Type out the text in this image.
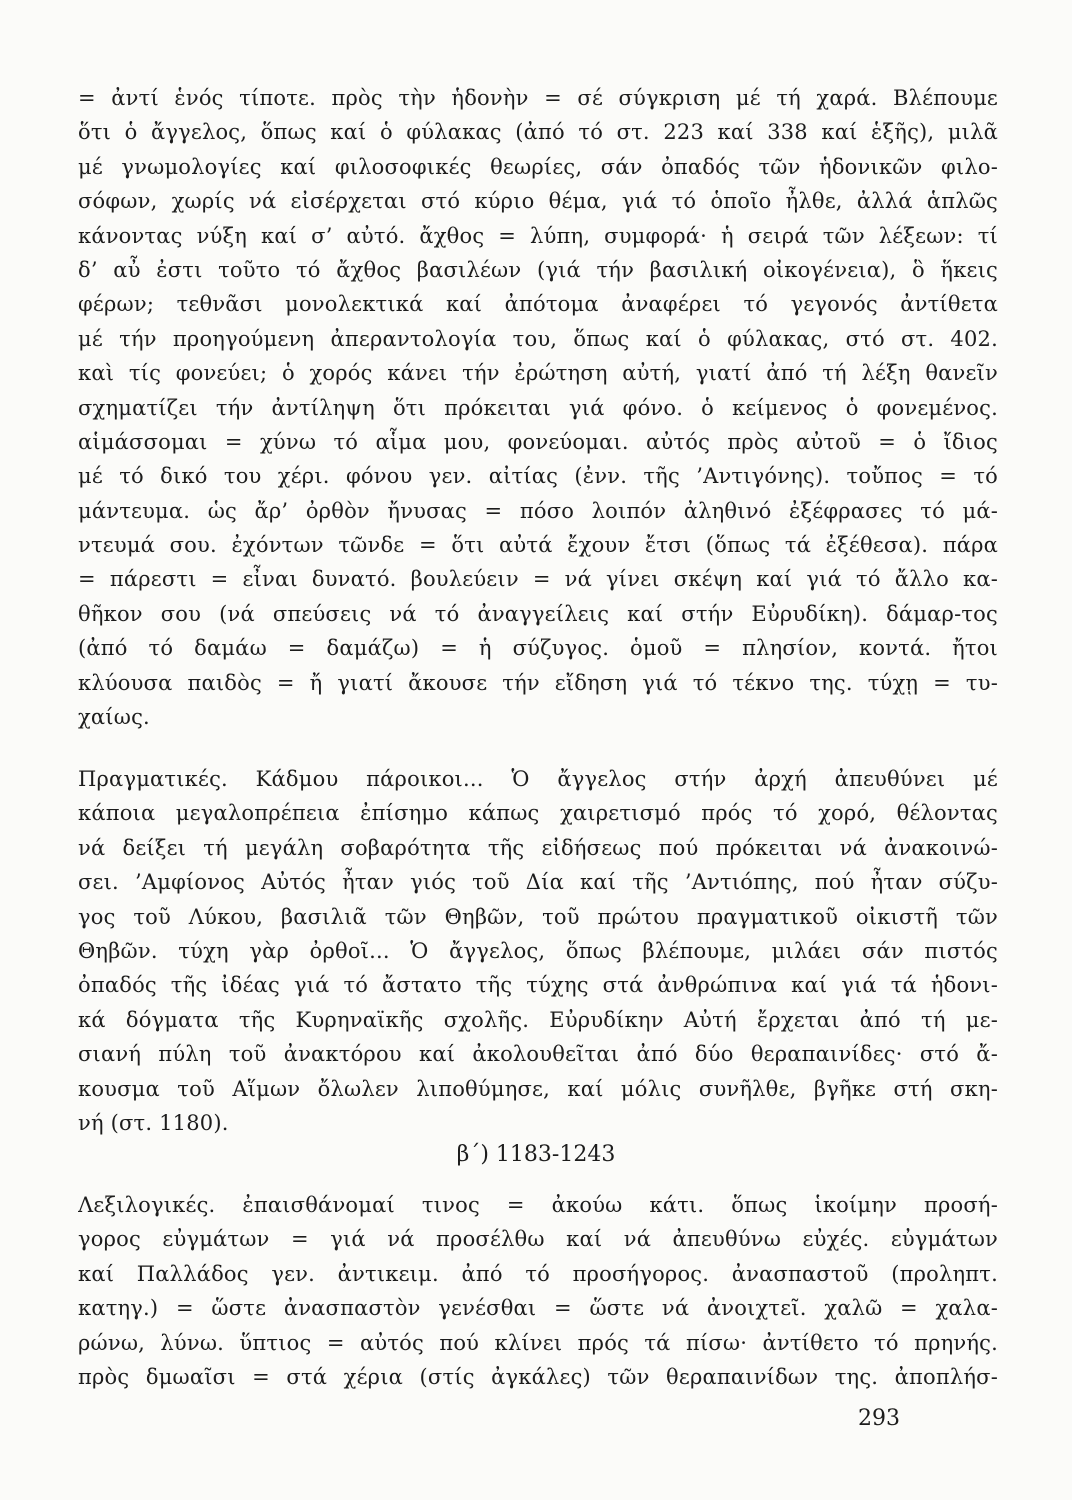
= ἀντί ἑνός τίποτε. πρὸς τὴν ἡδονὴν = σέ σύγκριση μέ τή χαρά. Βλέπουμε
ὅτι ὁ ἄγγελος, ὅπως καί ὁ φύλακας (ἀπό τό στ. 223 καί 338 καί ἑξῆς), μιλᾶ
μέ γνωμολογίες καί φιλοσοφικές θεωρίες, σάν ὀπαδός τῶν ἡδονικῶν φιλο-
σόφων, χωρίς νά εἰσέρχεται στό κύριο θέμα, γιά τό ὁποῖο ἦλθε, ἀλλά ἁπλῶς
κάνοντας νύξη καί σ’ αὐτό. ἄχθος = λύπη, συμφορά· ἡ σειρά τῶν λέξεων: τί
δ’ αὖ ἐστι τοῦτο τό ἄχθος βασιλέων (γιά τήν βασιλική οἰκογένεια), ὃ ἥκεις
φέρων; τεθνᾶσι μονολεκτικά καί ἀπότομα ἀναφέρει τό γεγονός ἀντίθετα
μέ τήν προηγούμενη ἀπεραντολογία του, ὅπως καί ὁ φύλακας, στό στ. 402.
καὶ τίς φονεύει; ὁ χορός κάνει τήν ἐρώτηση αὐτή, γιατί ἀπό τή λέξη θανεῖν
σχηματίζει τήν ἀντίληψη ὅτι πρόκειται γιά φόνο. ὁ κείμενος ὁ φονεμένος.
αἱμάσσομαι = χύνω τό αἷμα μου, φονεύομαι. αὐτός πρὸς αὐτοῦ = ὁ ἴδιος
μέ τό δικό του χέρι. φόνου γεν. αἰτίας (ἐνν. τῆς ’Αντιγόνης). τοὔπος = τό
μάντευμα. ὡς ἄρ’ ὀρθὸν ἤνυσας = πόσο λοιπόν ἀληθινό ἐξέφρασες τό μά-
ντευμά σου. ἐχόντων τῶνδε = ὅτι αὐτά ἔχουν ἔτσι (ὅπως τά ἐξέθεσα). πάρα
= πάρεστι = εἶναι δυνατό. βουλεύειν = νά γίνει σκέψη καί γιά τό ἄλλο κα-
θῆκον σου (νά σπεύσεις νά τό ἀναγγείλεις καί στήν Εὐρυδίκη). δάμαρ-τος
(ἀπό τό δαμάω = δαμάζω) = ἡ σύζυγος. ὁμοῦ = πλησίον, κοντά. ἤτοι
κλύουσα παιδὸς = ἤ γιατί ἄκουσε τήν εἴδηση γιά τό τέκνο της. τύχῃ = τυ-
χαίως.
Πραγματικές. Κάδμου πάροικοι... Ὁ ἄγγελος στήν ἀρχή ἀπευθύνει μέ
κάποια μεγαλοπρέπεια ἐπίσημο κάπως χαιρετισμό πρός τό χορό, θέλοντας
νά δείξει τή μεγάλη σοβαρότητα τῆς εἰδήσεως πού πρόκειται νά ἀνακοινώ-
σει. ’Αμφίονος Αὐτός ἦταν γιός τοῦ Δία καί τῆς ’Αντιόπης, πού ἦταν σύζυ-
γος τοῦ Λύκου, βασιλιᾶ τῶν Θηβῶν, τοῦ πρώτου πραγματικοῦ οἰκιστῆ τῶν
Θηβῶν. τύχη γὰρ ὀρθοῖ... Ὁ ἄγγελος, ὅπως βλέπουμε, μιλάει σάν πιστός
ὀπαδός τῆς ἰδέας γιά τό ἄστατο τῆς τύχης στά ἀνθρώπινα καί γιά τά ἡδονι-
κά δόγματα τῆς Κυρηναϊκῆς σχολῆς. Εὐρυδίκην Αὐτή ἔρχεται ἀπό τή με-
σιανή πύλη τοῦ ἀνακτόρου καί ἀκολουθεῖται ἀπό δύο θεραπαινίδες· στό ἄ-
κουσμα τοῦ Αἵμων ὄλωλεν λιποθύμησε, καί μόλις συνῆλθε, βγῆκε στή σκη-
νή (στ. 1180).
β΄) 1183-1243
Λεξιλογικές. ἐπαισθάνομαί τινος = ἀκούω κάτι. ὅπως ἱκοίμην προσή-
γορος εὐγμάτων = γιά νά προσέλθω καί νά ἀπευθύνω εὐχές. εὐγμάτων
καί Παλλάδος γεν. ἀντικειμ. ἀπό τό προσήγορος. ἀνασπαστοῦ (προληπτ.
κατηγ.) = ὥστε ἀνασπαστὸν γενέσθαι = ὥστε νά ἀνοιχτεῖ. χαλῶ = χαλα-
ρώνω, λύνω. ὕπτιος = αὐτός πού κλίνει πρός τά πίσω· ἀντίθετο τό πρηνής.
πρὸς δμωαῖσι = στά χέρια (στίς ἀγκάλες) τῶν θεραπαινίδων της. ἀποπλήσ-
293
